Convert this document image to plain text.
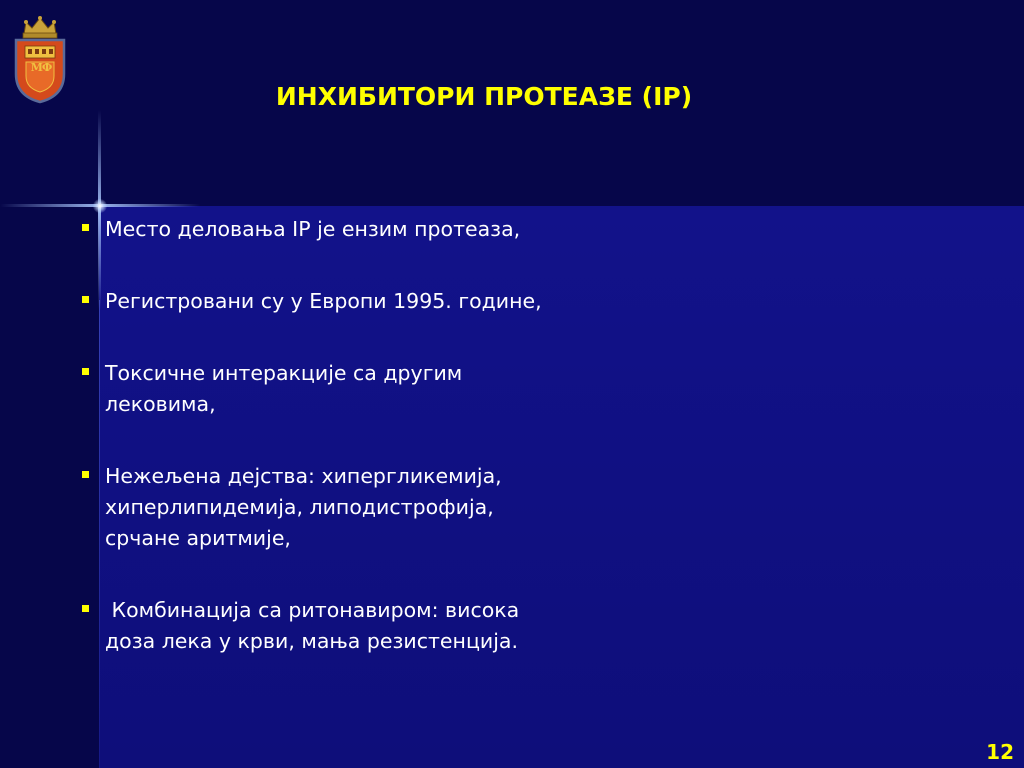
МФ
ИНХИБИТОРИ ПРОТЕАЗЕ (IP)
Место деловања IP је ензим протеаза,
Регистровани су у Европи 1995. године,
Токсичне интеракције са другим лековима,
Нежељена дејства: хипергликемија, хиперлипидемија, липодистрофија, срчане аритмије,
Комбинација са ритонавиром: висока доза лека у крви, мања резистенција.
12
